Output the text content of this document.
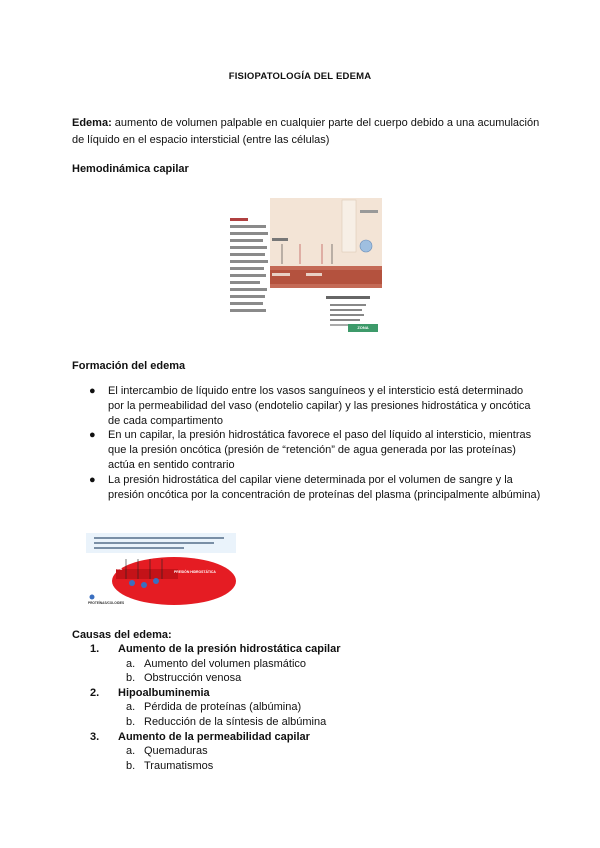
FISIOPATOLOGÍA DEL EDEMA
Edema: aumento de volumen palpable en cualquier parte del cuerpo debido a una acumulación de líquido en el espacio intersticial (entre las células)
Hemodinámica capilar
ZONA
Formación del edema
● El intercambio de líquido entre los vasos sanguíneos y el intersticio está determinado por la permeabilidad del vaso (endotelio capilar) y las presiones hidrostática y oncótica de cada compartimento
● En un capilar, la presión hidrostática favorece el paso del líquido al intersticio, mientras que la presión oncótica (presión de “retención” de agua generada por las proteínas) actúa en sentido contrario
● La presión hidrostática del capilar viene determinada por el volumen de sangre y la presión oncótica por la concentración de proteínas del plasma (principalmente albúmina)
PRESIÓN ONCÓTICA
PRESIÓN HIDROSTÁTICA
PROTEÍNAS/COLOIDES
Causas del edema:
1. Aumento de la presión hidrostática capilar
a. Aumento del volumen plasmático
b. Obstrucción venosa
2. Hipoalbuminemia
a. Pérdida de proteínas (albúmina)
b. Reducción de la síntesis de albúmina
3. Aumento de la permeabilidad capilar
a. Quemaduras
b. Traumatismos
